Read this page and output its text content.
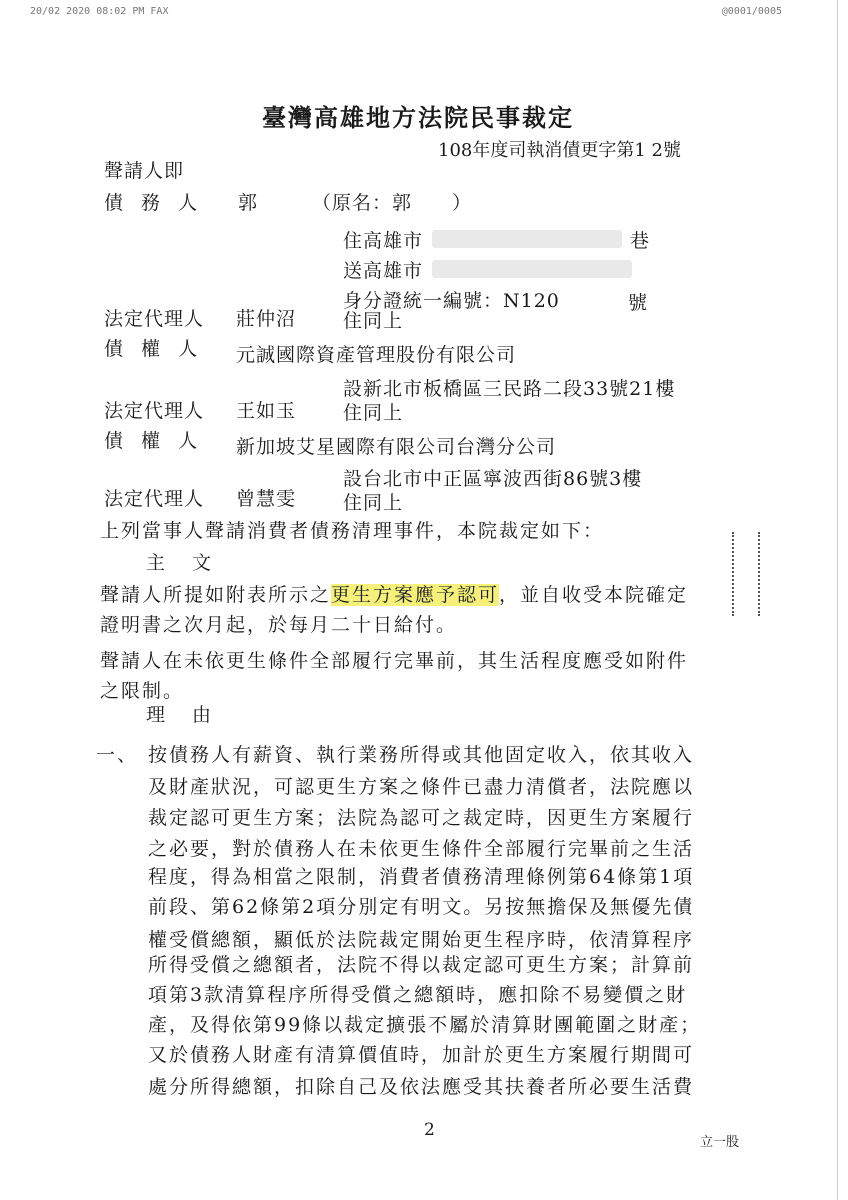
20/02 2020 08:02 PM FAX	@0001/0005
臺灣高雄地方法院民事裁定
108年度司執消債更字第1 2號
聲請人即
債 務 人 郭	（原名：郭　　）
住高雄市	巷
送高雄市
身分證統一編號：N120	號
法定代理人 莊仲沼 住同上
債 權 人 元誠國際資產管理股份有限公司
設新北市板橋區三民路二段33號21樓
法定代理人 王如玉 住同上
債 權 人 新加坡艾星國際有限公司台灣分公司
設台北市中正區寧波西街86號3樓
法定代理人 曾慧雯 住同上
上列當事人聲請消費者債務清理事件，本院裁定如下：
主　文
聲請人所提如附表所示之更生方案應予認可，並自收受本院確定
證明書之次月起，於每月二十日給付。
聲請人在未依更生條件全部履行完畢前，其生活程度應受如附件
之限制。
理　由
一、 按債務人有薪資、執行業務所得或其他固定收入，依其收入
及財產狀況，可認更生方案之條件已盡力清償者，法院應以
裁定認可更生方案；法院為認可之裁定時，因更生方案履行
之必要，對於債務人在未依更生條件全部履行完畢前之生活
程度，得為相當之限制，消費者債務清理條例第64條第1項
前段、第62條第2項分別定有明文。另按無擔保及無優先債
權受償總額，顯低於法院裁定開始更生程序時，依清算程序
所得受償之總額者，法院不得以裁定認可更生方案；計算前
項第3款清算程序所得受償之總額時，應扣除不易變價之財
產，及得依第99條以裁定擴張不屬於清算財團範圍之財產；
又於債務人財產有清算價值時，加計於更生方案履行期間可
處分所得總額，扣除自己及依法應受其扶養者所必要生活費
2
立一股
